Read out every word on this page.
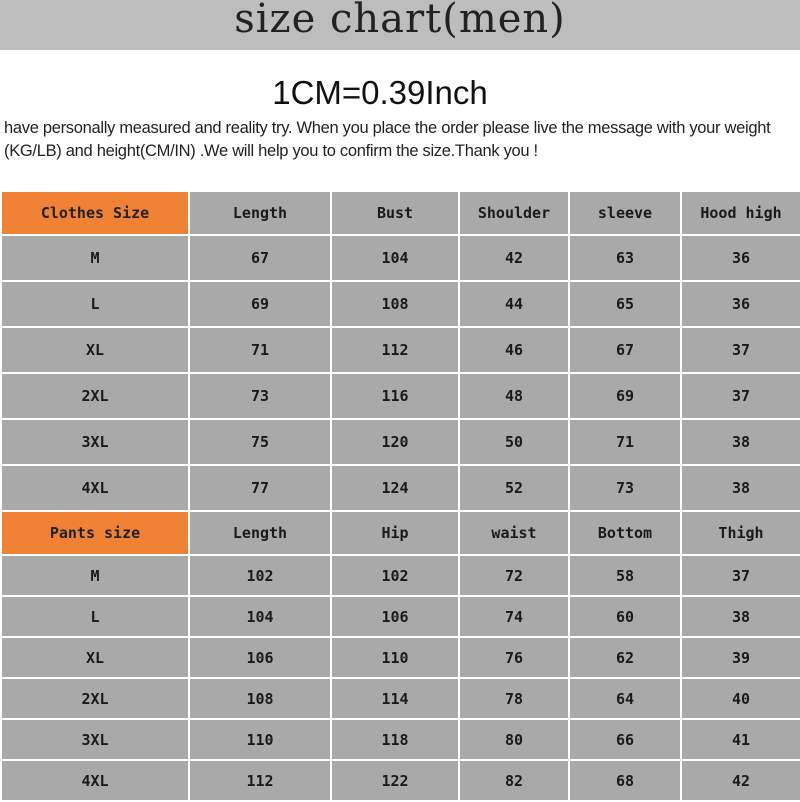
size chart(men)
1CM=0.39Inch
have personally measured and reality try. When you place the order please live the message with your weight (KG/LB) and height(CM/IN) .We will help you to confirm the size.Thank you !
Clothes Size	Length	Bust	Shoulder	sleeve	Hood high
M	67	104	42	63	36
L	69	108	44	65	36
XL	71	112	46	67	37
2XL	73	116	48	69	37
3XL	75	120	50	71	38
4XL	77	124	52	73	38
Pants size	Length	Hip	waist	Bottom	Thigh
M	102	102	72	58	37
L	104	106	74	60	38
XL	106	110	76	62	39
2XL	108	114	78	64	40
3XL	110	118	80	66	41
4XL	112	122	82	68	42
